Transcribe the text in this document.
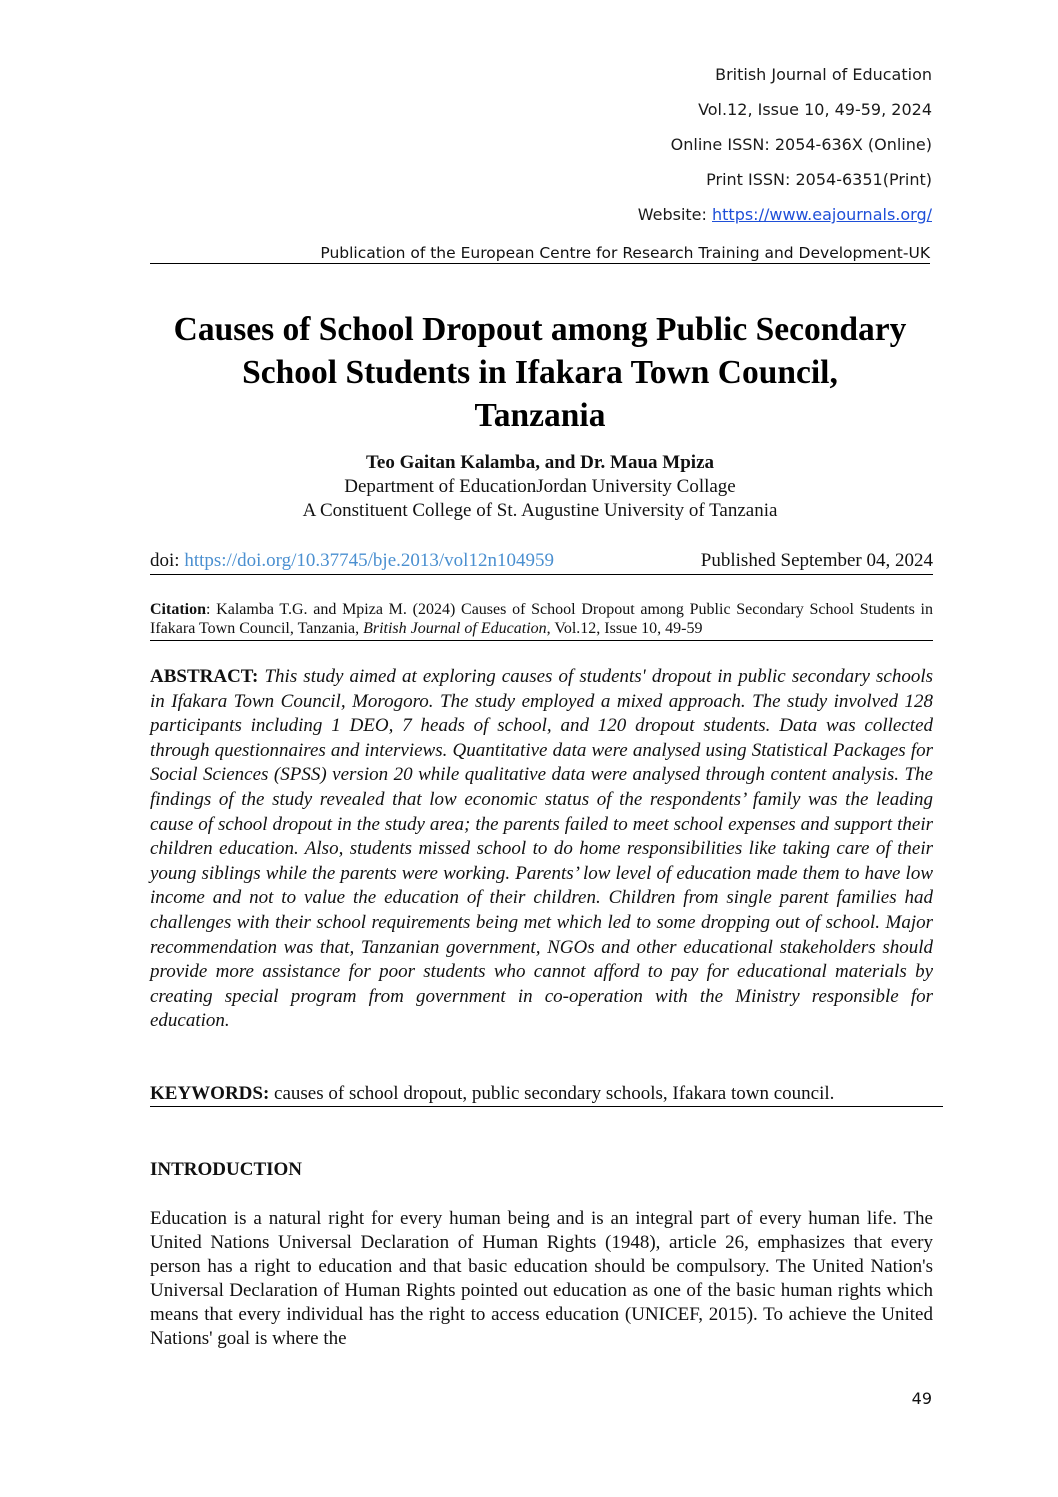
British Journal of Education
Vol.12, Issue 10, 49-59, 2024
Online ISSN: 2054-636X (Online)
Print ISSN: 2054-6351(Print)
Website: https://www.eajournals.org/
Publication of the European Centre for Research Training and Development-UK
Causes of School Dropout among Public Secondary
School Students in Ifakara Town Council,
Tanzania
Teo Gaitan Kalamba, and Dr. Maua Mpiza
Department of EducationJordan University Collage
A Constituent College of St. Augustine University of Tanzania
doi: https://doi.org/10.37745/bje.2013/vol12n104959	Published September 04, 2024
Citation: Kalamba T.G. and Mpiza M. (2024) Causes of School Dropout among Public Secondary School Students in Ifakara Town Council, Tanzania, British Journal of Education, Vol.12, Issue 10, 49-59
ABSTRACT: This study aimed at exploring causes of students' dropout in public secondary schools in Ifakara Town Council, Morogoro. The study employed a mixed approach. The study involved 128 participants including 1 DEO, 7 heads of school, and 120 dropout students. Data was collected through questionnaires and interviews. Quantitative data were analysed using Statistical Packages for Social Sciences (SPSS) version 20 while qualitative data were analysed through content analysis. The findings of the study revealed that low economic status of the respondents’ family was the leading cause of school dropout in the study area; the parents failed to meet school expenses and support their children education. Also, students missed school to do home responsibilities like taking care of their young siblings while the parents were working. Parents’ low level of education made them to have low income and not to value the education of their children. Children from single parent families had challenges with their school requirements being met which led to some dropping out of school. Major recommendation was that, Tanzanian government, NGOs and other educational stakeholders should provide more assistance for poor students who cannot afford to pay for educational materials by creating special program from government in co-operation with the Ministry responsible for education.
KEYWORDS: causes of school dropout, public secondary schools, Ifakara town council.
INTRODUCTION
Education is a natural right for every human being and is an integral part of every human life. The United Nations Universal Declaration of Human Rights (1948), article 26, emphasizes that every person has a right to education and that basic education should be compulsory. The United Nation's Universal Declaration of Human Rights pointed out education as one of the basic human rights which means that every individual has the right to access education (UNICEF, 2015). To achieve the United Nations' goal is where the
49
